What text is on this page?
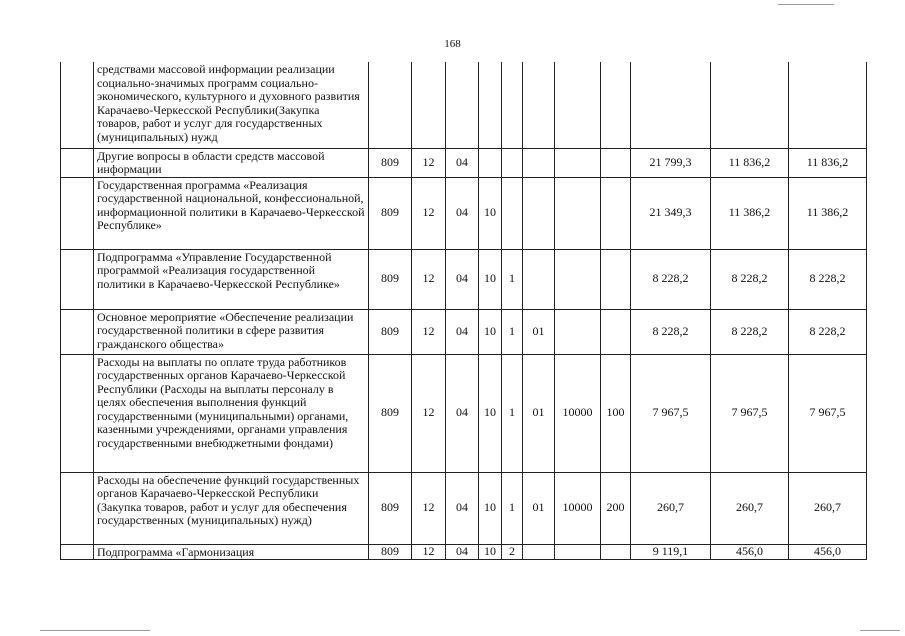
168
	средствами массовой информации реализации социально-значимых программ социально-экономического, культурного и духовного развития Карачаево-Черкесской Республики(Закупка товаров, работ и услуг для государственных (муниципальных) нужд											
	Другие вопросы в области средств массовой информации	809	12	04						21 799,3	11 836,2	11 836,2
	Государственная программа «Реализация государственной национальной, конфессиональной, информационной политики в Карачаево-Черкесской Республике»	809	12	04	10					21 349,3	11 386,2	11 386,2
	Подпрограмма «Управление Государственной программой «Реализация государственной политики в Карачаево-Черкесской Республике»	809	12	04	10	1				8 228,2	8 228,2	8 228,2
	Основное мероприятие «Обеспечение реализации государственной политики в сфере развития гражданского общества»	809	12	04	10	1	01			8 228,2	8 228,2	8 228,2
	Расходы на выплаты по оплате труда работников государственных органов Карачаево-Черкесской Республики (Расходы на выплаты персоналу в целях обеспечения выполнения функций государственными (муниципальными) органами, казенными учреждениями, органами управления государственными внебюджетными фондами)	809	12	04	10	1	01	10000	100	7 967,5	7 967,5	7 967,5
	Расходы на обеспечение функций государственных органов Карачаево-Черкесской Республики (Закупка товаров, работ и услуг для обеспечения государственных (муниципальных) нужд)	809	12	04	10	1	01	10000	200	260,7	260,7	260,7
	Подпрограмма «Гармонизация	809	12	04	10	2				9 119,1	456,0	456,0
